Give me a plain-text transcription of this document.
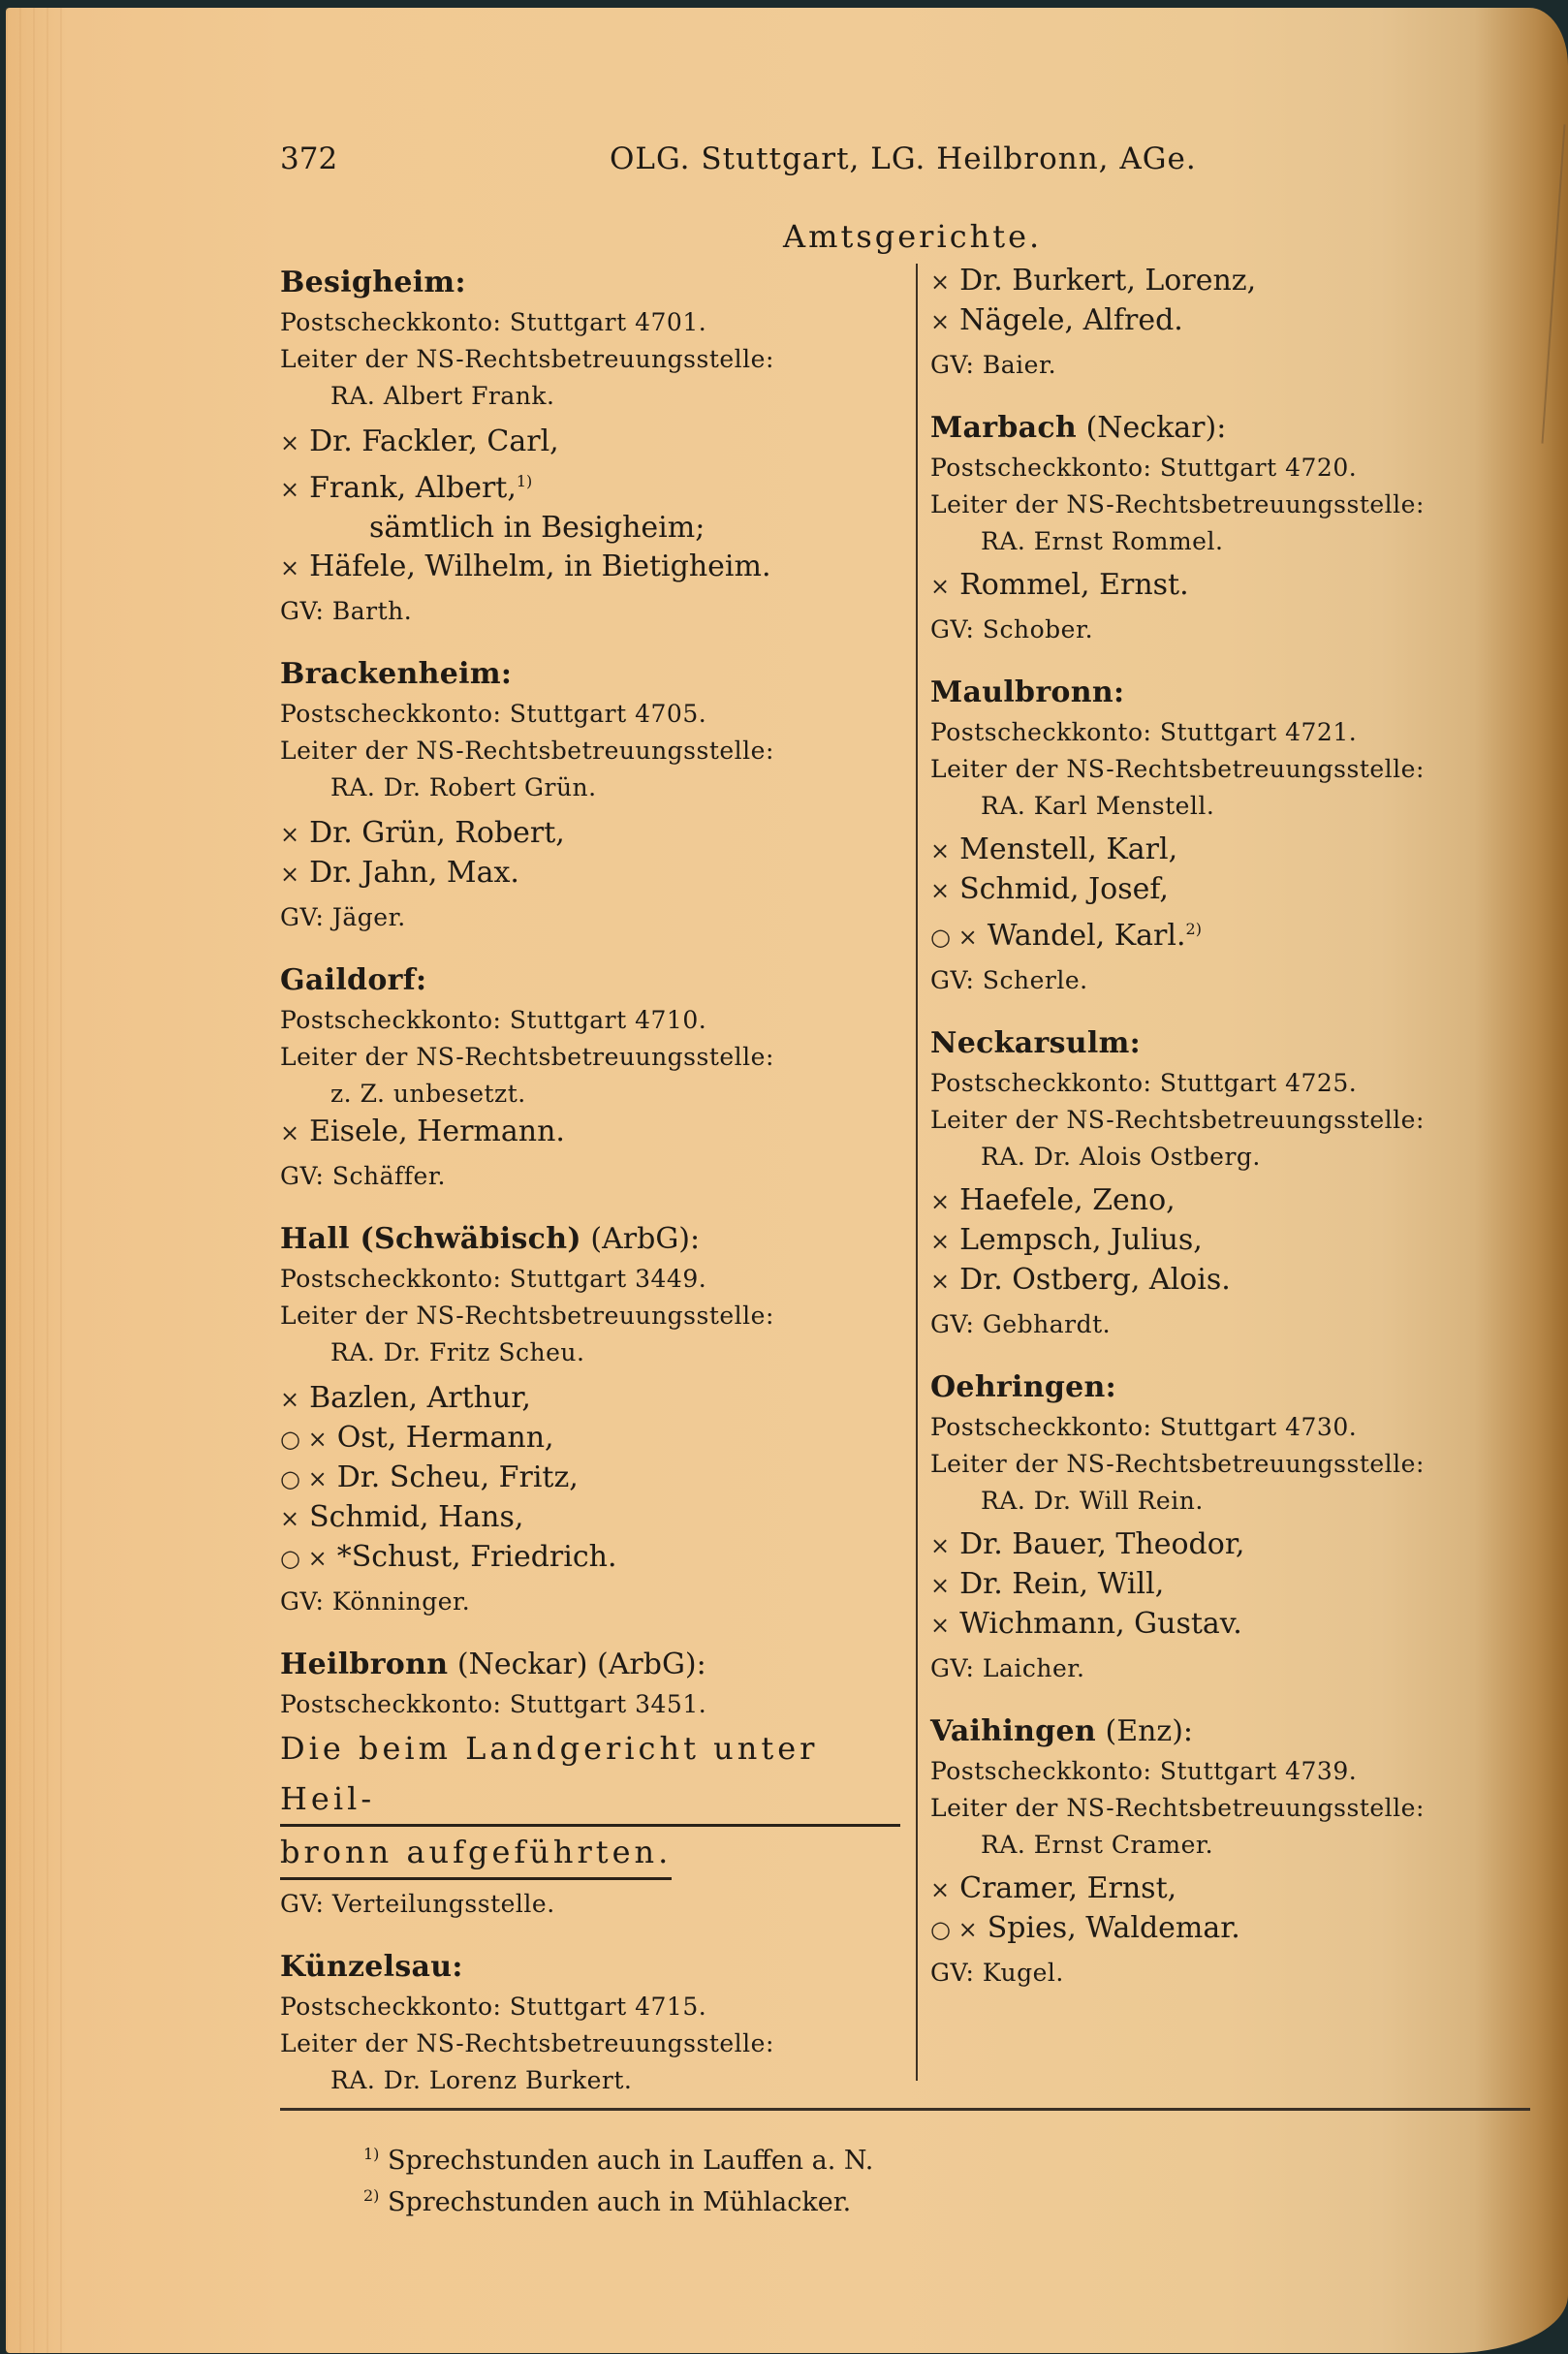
372	OLG. Stuttgart, LG. Heilbronn, AGe.
Amtsgerichte.
Besigheim:
Postscheckkonto: Stuttgart 4701.
Leiter der NS-Rechtsbetreuungsstelle:
RA. Albert Frank.
× Dr. Fackler, Carl,
× Frank, Albert,$^{1)}$
sämtlich in Besigheim;
× Häfele, Wilhelm, in Bietigheim.
GV: Barth.
Brackenheim:
Postscheckkonto: Stuttgart 4705.
Leiter der NS-Rechtsbetreuungsstelle:
RA. Dr. Robert Grün.
× Dr. Grün, Robert,
× Dr. Jahn, Max.
GV: Jäger.
Gaildorf:
Postscheckkonto: Stuttgart 4710.
Leiter der NS-Rechtsbetreuungsstelle:
z. Z. unbesetzt.
× Eisele, Hermann.
GV: Schäffer.
Hall (Schwäbisch) (ArbG):
Postscheckkonto: Stuttgart 3449.
Leiter der NS-Rechtsbetreuungsstelle:
RA. Dr. Fritz Scheu.
× Bazlen, Arthur,
○ × Ost, Hermann,
○ × Dr. Scheu, Fritz,
× Schmid, Hans,
○ × *Schust, Friedrich.
GV: Könninger.
Heilbronn (Neckar) (ArbG):
Postscheckkonto: Stuttgart 3451.
Die beim Landgericht unter Heil-
bronn aufgeführten.
GV: Verteilungsstelle.
Künzelsau:
Postscheckkonto: Stuttgart 4715.
Leiter der NS-Rechtsbetreuungsstelle:
RA. Dr. Lorenz Burkert.
× Dr. Burkert, Lorenz,
× Nägele, Alfred.
GV: Baier.
Marbach (Neckar):
Postscheckkonto: Stuttgart 4720.
Leiter der NS-Rechtsbetreuungsstelle:
RA. Ernst Rommel.
× Rommel, Ernst.
GV: Schober.
Maulbronn:
Postscheckkonto: Stuttgart 4721.
Leiter der NS-Rechtsbetreuungsstelle:
RA. Karl Menstell.
× Menstell, Karl,
× Schmid, Josef,
○ × Wandel, Karl.$^{2)}$
GV: Scherle.
Neckarsulm:
Postscheckkonto: Stuttgart 4725.
Leiter der NS-Rechtsbetreuungsstelle:
RA. Dr. Alois Ostberg.
× Haefele, Zeno,
× Lempsch, Julius,
× Dr. Ostberg, Alois.
GV: Gebhardt.
Oehringen:
Postscheckkonto: Stuttgart 4730.
Leiter der NS-Rechtsbetreuungsstelle:
RA. Dr. Will Rein.
× Dr. Bauer, Theodor,
× Dr. Rein, Will,
× Wichmann, Gustav.
GV: Laicher.
Vaihingen (Enz):
Postscheckkonto: Stuttgart 4739.
Leiter der NS-Rechtsbetreuungsstelle:
RA. Ernst Cramer.
× Cramer, Ernst,
○ × Spies, Waldemar.
GV: Kugel.
$^{1)}$ Sprechstunden auch in Lauffen a. N.
$^{2)}$ Sprechstunden auch in Mühlacker.
